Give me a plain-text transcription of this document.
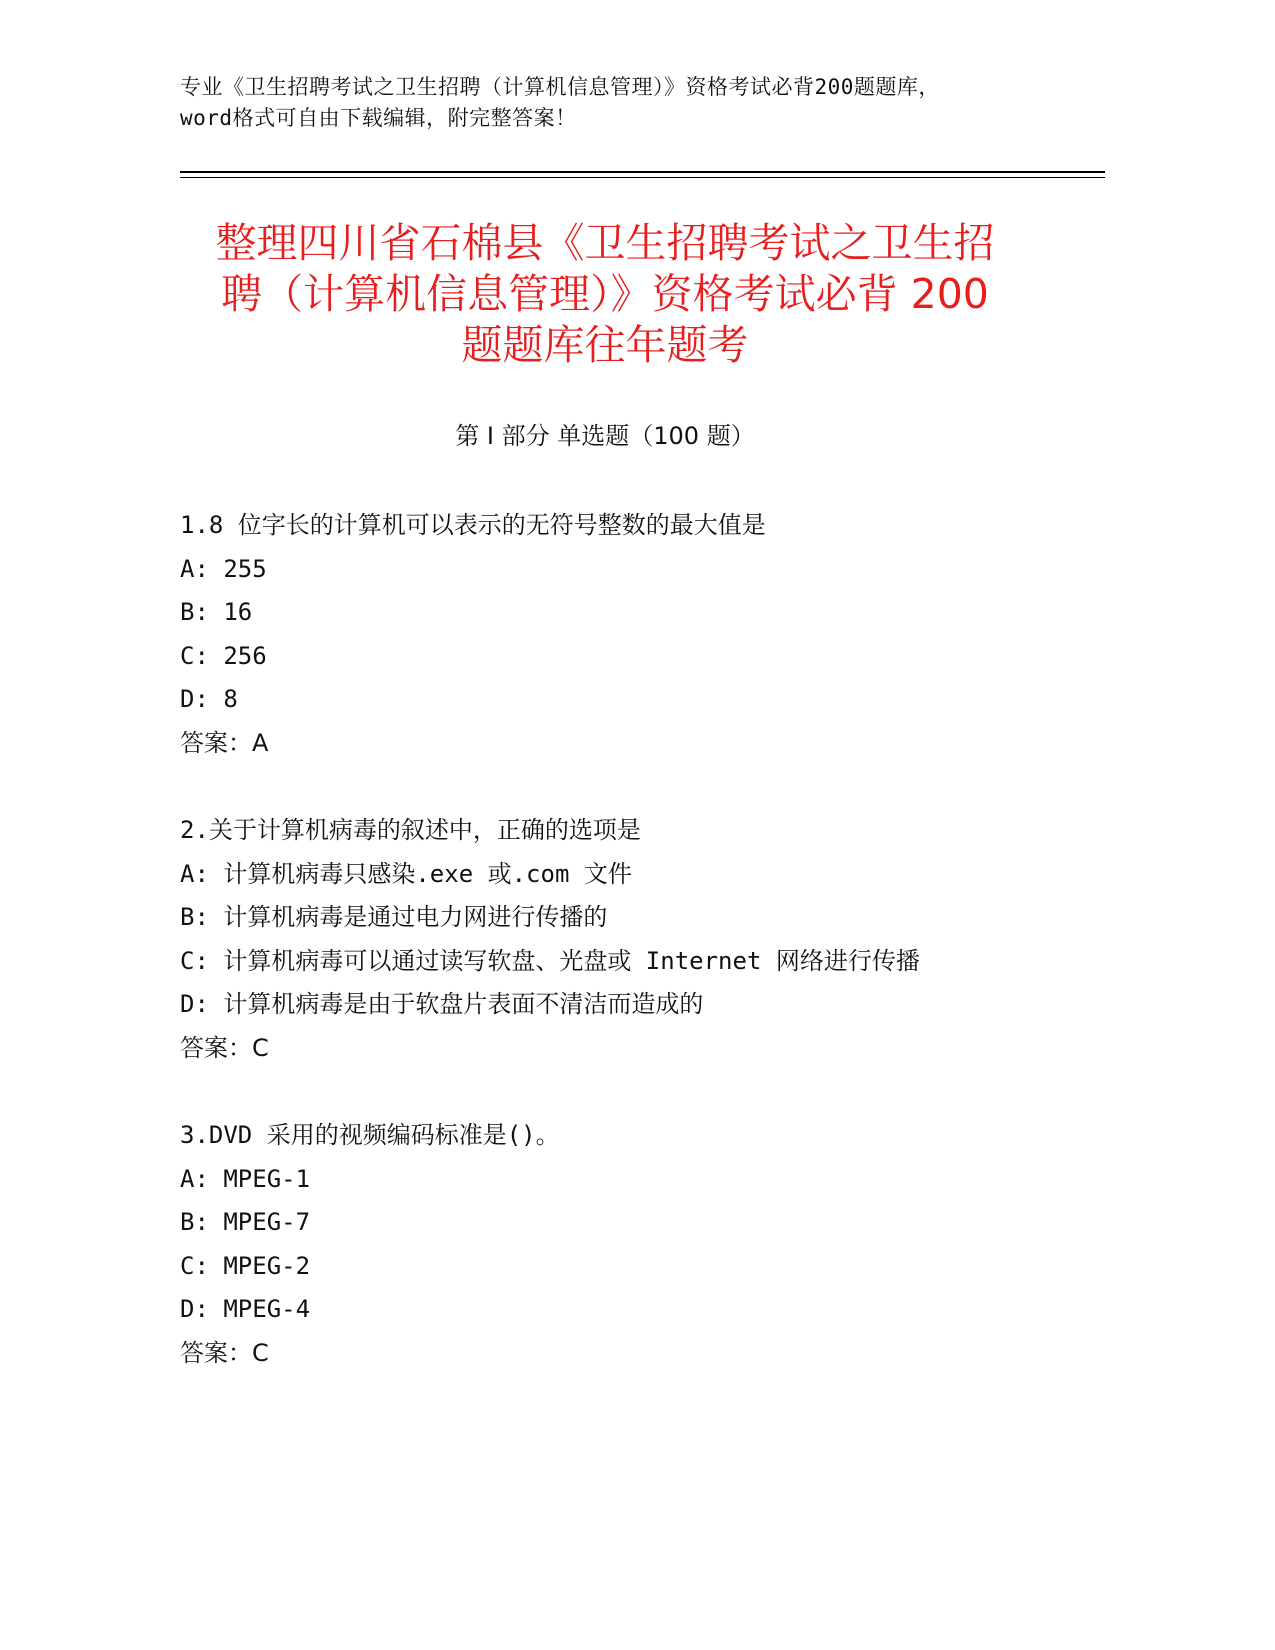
专业《卫生招聘考试之卫生招聘（计算机信息管理）》资格考试必背200题题库，
word格式可自由下载编辑，附完整答案！
整理四川省石棉县《卫生招聘考试之卫生招
聘（计算机信息管理）》资格考试必背 200
题题库往年题考
第 I 部分 单选题（100 题）
1.8 位字长的计算机可以表示的无符号整数的最大值是
A: 255
B: 16
C: 256
D: 8
答案：A
2.关于计算机病毒的叙述中，正确的选项是
A: 计算机病毒只感染.exe 或.com 文件
B: 计算机病毒是通过电力网进行传播的
C: 计算机病毒可以通过读写软盘、光盘或 Internet 网络进行传播
D: 计算机病毒是由于软盘片表面不清洁而造成的
答案：C
3.DVD 采用的视频编码标准是()。
A: MPEG-1
B: MPEG-7
C: MPEG-2
D: MPEG-4
答案：C
